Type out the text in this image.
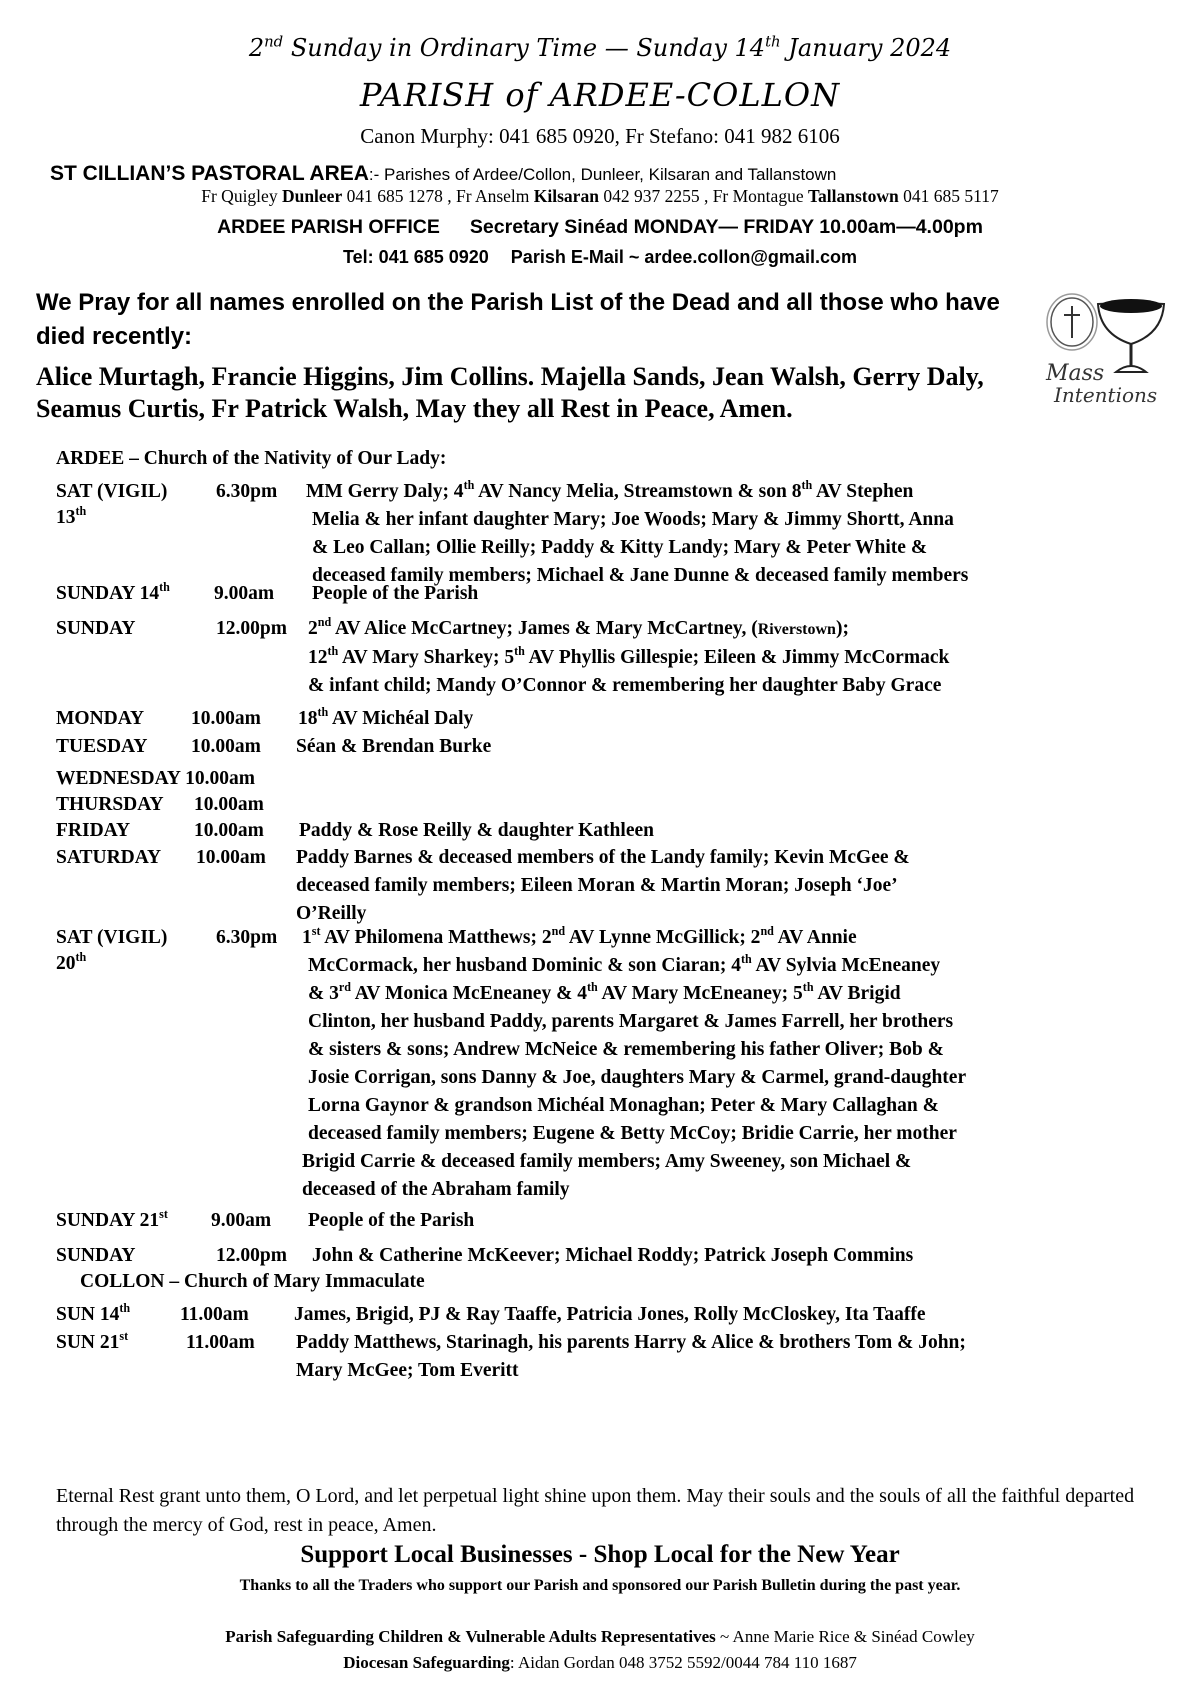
2nd Sunday in Ordinary Time — Sunday 14th January 2024
PARISH of ARDEE-COLLON
Canon Murphy: 041 685 0920, Fr Stefano: 041 982 6106
ST CILLIAN’S PASTORAL AREA:- Parishes of Ardee/Collon, Dunleer, Kilsaran and Tallanstown
Fr Quigley Dunleer 041 685 1278 , Fr Anselm Kilsaran 042 937 2255 , Fr Montague Tallanstown 041 685 5117
ARDEE PARISH OFFICE Secretary Sinéad MONDAY— FRIDAY 10.00am—4.00pm
Tel: 041 685 0920 Parish E-Mail ~ ardee.collon@gmail.com
We Pray for all names enrolled on the Parish List of the Dead and all those who have died recently:
Alice Murtagh, Francie Higgins, Jim Collins. Majella Sands, Jean Walsh, Gerry Daly, Seamus Curtis, Fr Patrick Walsh, May they all Rest in Peace, Amen.
Mass
Intentions
ARDEE – Church of the Nativity of Our Lady:
SAT (VIGIL)
13th
6.30pm MM Gerry Daly; 4th AV Nancy Melia, Streamstown & son 8th AV Stephen
Melia & her infant daughter Mary; Joe Woods; Mary & Jimmy Shortt, Anna
& Leo Callan; Ollie Reilly; Paddy & Kitty Landy; Mary & Peter White &
deceased family members; Michael & Jane Dunne & deceased family members
SUNDAY 14th 9.00am People of the Parish
SUNDAY	12.00pm 2nd AV Alice McCartney; James & Mary McCartney, (Riverstown);
12th AV Mary Sharkey; 5th AV Phyllis Gillespie; Eileen & Jimmy McCormack
& infant child; Mandy O’Connor & remembering her daughter Baby Grace
MONDAY 10.00am 18th AV Michéal Daly
TUESDAY 10.00am Séan & Brendan Burke
WEDNESDAY 10.00am
THURSDAY 10.00am
FRIDAY	10.00am Paddy & Rose Reilly & daughter Kathleen
SATURDAY 10.00am Paddy Barnes & deceased members of the Landy family; Kevin McGee &
deceased family members; Eileen Moran & Martin Moran; Joseph ‘Joe’
O’Reilly
SAT (VIGIL)
20th
6.30pm 1st AV Philomena Matthews; 2nd AV Lynne McGillick; 2nd AV Annie
McCormack, her husband Dominic & son Ciaran; 4th AV Sylvia McEneaney
& 3rd AV Monica McEneaney & 4th AV Mary McEneaney; 5th AV Brigid
Clinton, her husband Paddy, parents Margaret & James Farrell, her brothers
& sisters & sons; Andrew McNeice & remembering his father Oliver; Bob &
Josie Corrigan, sons Danny & Joe, daughters Mary & Carmel, grand-daughter
Lorna Gaynor & grandson Michéal Monaghan; Peter & Mary Callaghan &
deceased family members; Eugene & Betty McCoy; Bridie Carrie, her mother
Brigid Carrie & deceased family members; Amy Sweeney, son Michael &
deceased of the Abraham family
SUNDAY 21st 9.00am People of the Parish
SUNDAY	12.00pm John & Catherine McKeever; Michael Roddy; Patrick Joseph Commins
COLLON – Church of Mary Immaculate
SUN 14th	11.00am James, Brigid, PJ & Ray Taaffe, Patricia Jones, Rolly McCloskey, Ita Taaffe
SUN 21st	11.00am Paddy Matthews, Starinagh, his parents Harry & Alice & brothers Tom & John;
Mary McGee; Tom Everitt
Eternal Rest grant unto them, O Lord, and let perpetual light shine upon them. May their souls and the souls of all the faithful departed through the mercy of God, rest in peace, Amen.
Support Local Businesses - Shop Local for the New Year
Thanks to all the Traders who support our Parish and sponsored our Parish Bulletin during the past year.
Parish Safeguarding Children & Vulnerable Adults Representatives ~ Anne Marie Rice & Sinéad Cowley
Diocesan Safeguarding: Aidan Gordan 048 3752 5592/0044 784 110 1687
